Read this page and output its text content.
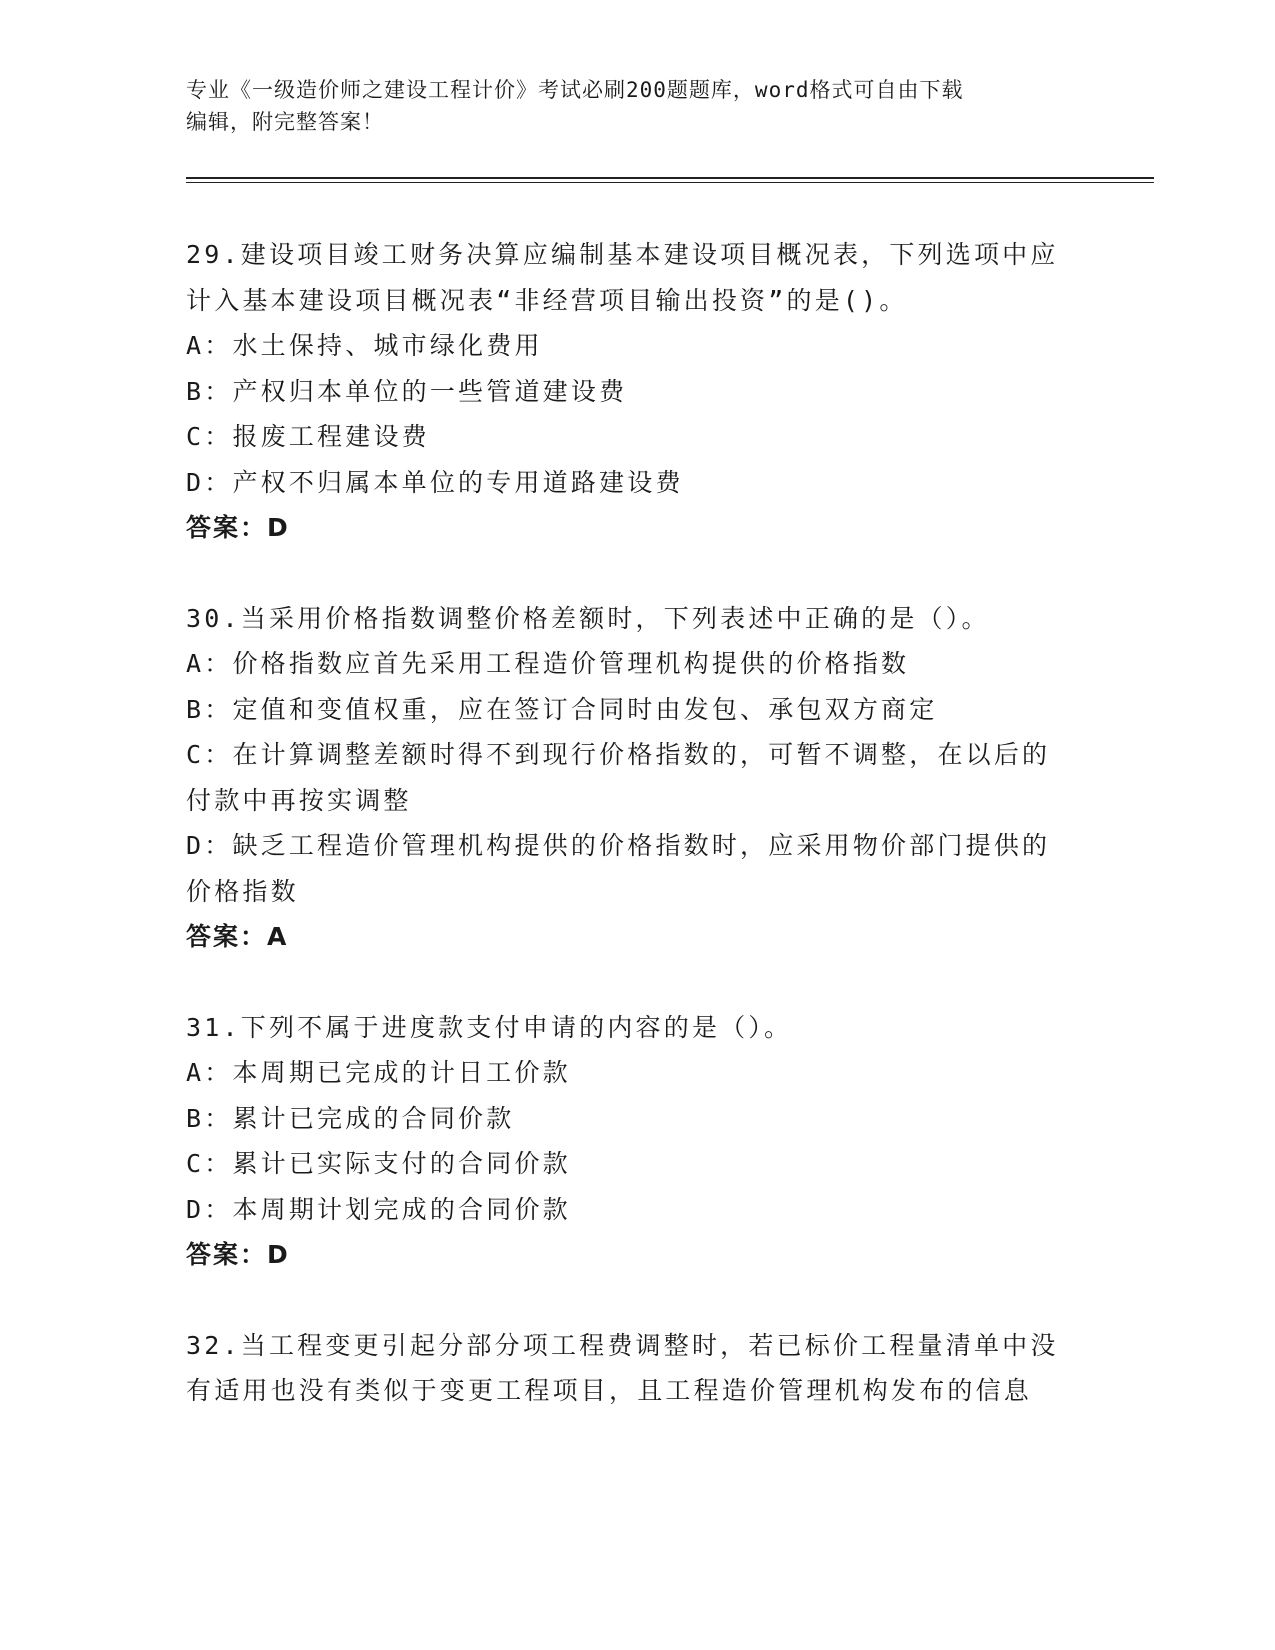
专业《一级造价师之建设工程计价》考试必刷200题题库，word格式可自由下载
编辑，附完整答案！
29.建设项目竣工财务决算应编制基本建设项目概况表，下列选项中应
计入基本建设项目概况表“非经营项目输出投资”的是()。
A：水土保持、城市绿化费用
B：产权归本单位的一些管道建设费
C：报废工程建设费
D：产权不归属本单位的专用道路建设费
答案：D
30.当采用价格指数调整价格差额时，下列表述中正确的是（）。
A：价格指数应首先采用工程造价管理机构提供的价格指数
B：定值和变值权重，应在签订合同时由发包、承包双方商定
C：在计算调整差额时得不到现行价格指数的，可暂不调整，在以后的
付款中再按实调整
D：缺乏工程造价管理机构提供的价格指数时，应采用物价部门提供的
价格指数
答案：A
31.下列不属于进度款支付申请的内容的是（）。
A：本周期已完成的计日工价款
B：累计已完成的合同价款
C：累计已实际支付的合同价款
D：本周期计划完成的合同价款
答案：D
32.当工程变更引起分部分项工程费调整时，若已标价工程量清单中没
有适用也没有类似于变更工程项目，且工程造价管理机构发布的信息
